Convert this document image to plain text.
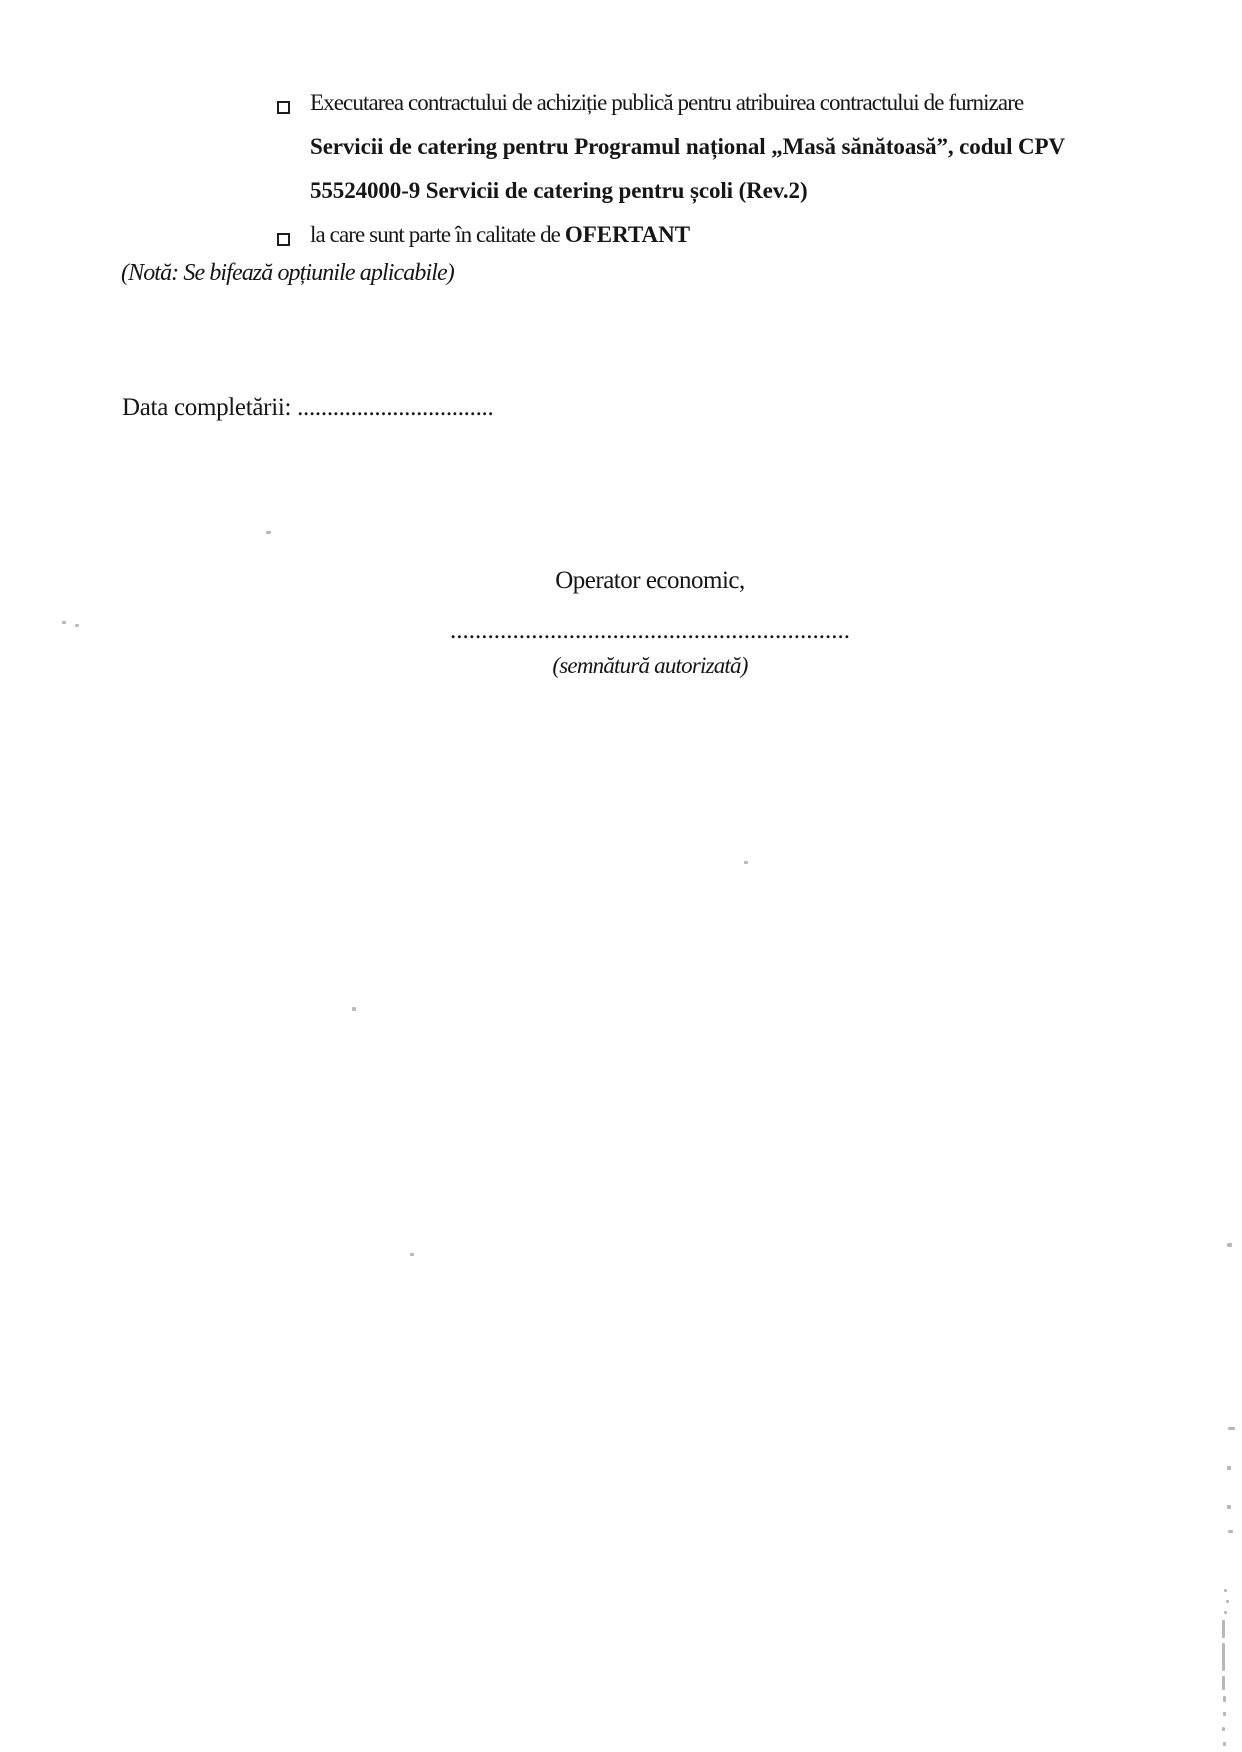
Executarea contractului de achiziție publică pentru atribuirea contractului de furnizare
Servicii de catering pentru Programul național „Masă sănătoasă”, codul CPV
55524000-9 Servicii de catering pentru școli (Rev.2)
la care sunt parte în calitate de OFERTANT
(Notă: Se bifează opțiunile aplicabile)
Data completării: .................................
Operator economic,
................................................................
(semnătură autorizată)
